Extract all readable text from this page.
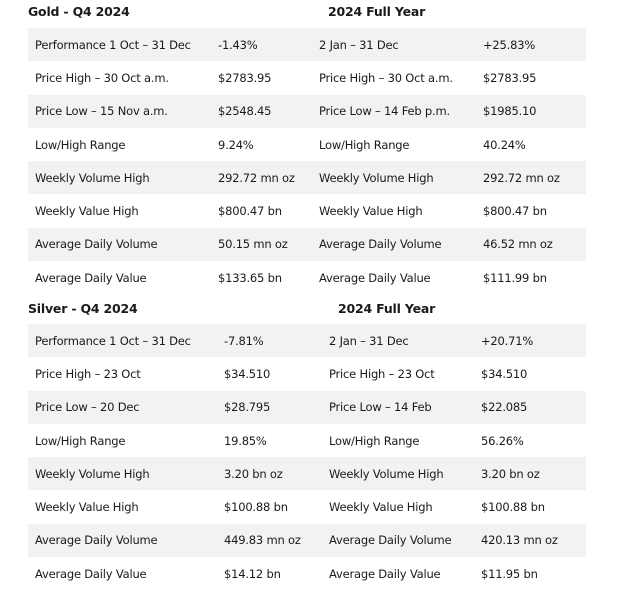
Gold - Q4 2024	2024 Full Year
Performance 1 Oct – 31 Dec	-1.43%	2 Jan – 31 Dec	+25.83%
Price High – 30 Oct a.m.	$2783.95	Price High – 30 Oct a.m.	$2783.95
Price Low – 15 Nov a.m.	$2548.45	Price Low – 14 Feb p.m.	$1985.10
Low/High Range	9.24%	Low/High Range	40.24%
Weekly Volume High	292.72 mn oz	Weekly Volume High	292.72 mn oz
Weekly Value High	$800.47 bn	Weekly Value High	$800.47 bn
Average Daily Volume	50.15 mn oz	Average Daily Volume	46.52 mn oz
Average Daily Value	$133.65 bn	Average Daily Value	$111.99 bn
Silver - Q4 2024	2024 Full Year
Performance 1 Oct – 31 Dec	-7.81%	2 Jan – 31 Dec	+20.71%
Price High – 23 Oct	$34.510	Price High – 23 Oct	$34.510
Price Low – 20 Dec	$28.795	Price Low – 14 Feb	$22.085
Low/High Range	19.85%	Low/High Range	56.26%
Weekly Volume High	3.20 bn oz	Weekly Volume High	3.20 bn oz
Weekly Value High	$100.88 bn	Weekly Value High	$100.88 bn
Average Daily Volume	449.83 mn oz	Average Daily Volume	420.13 mn oz
Average Daily Value	$14.12 bn	Average Daily Value	$11.95 bn
